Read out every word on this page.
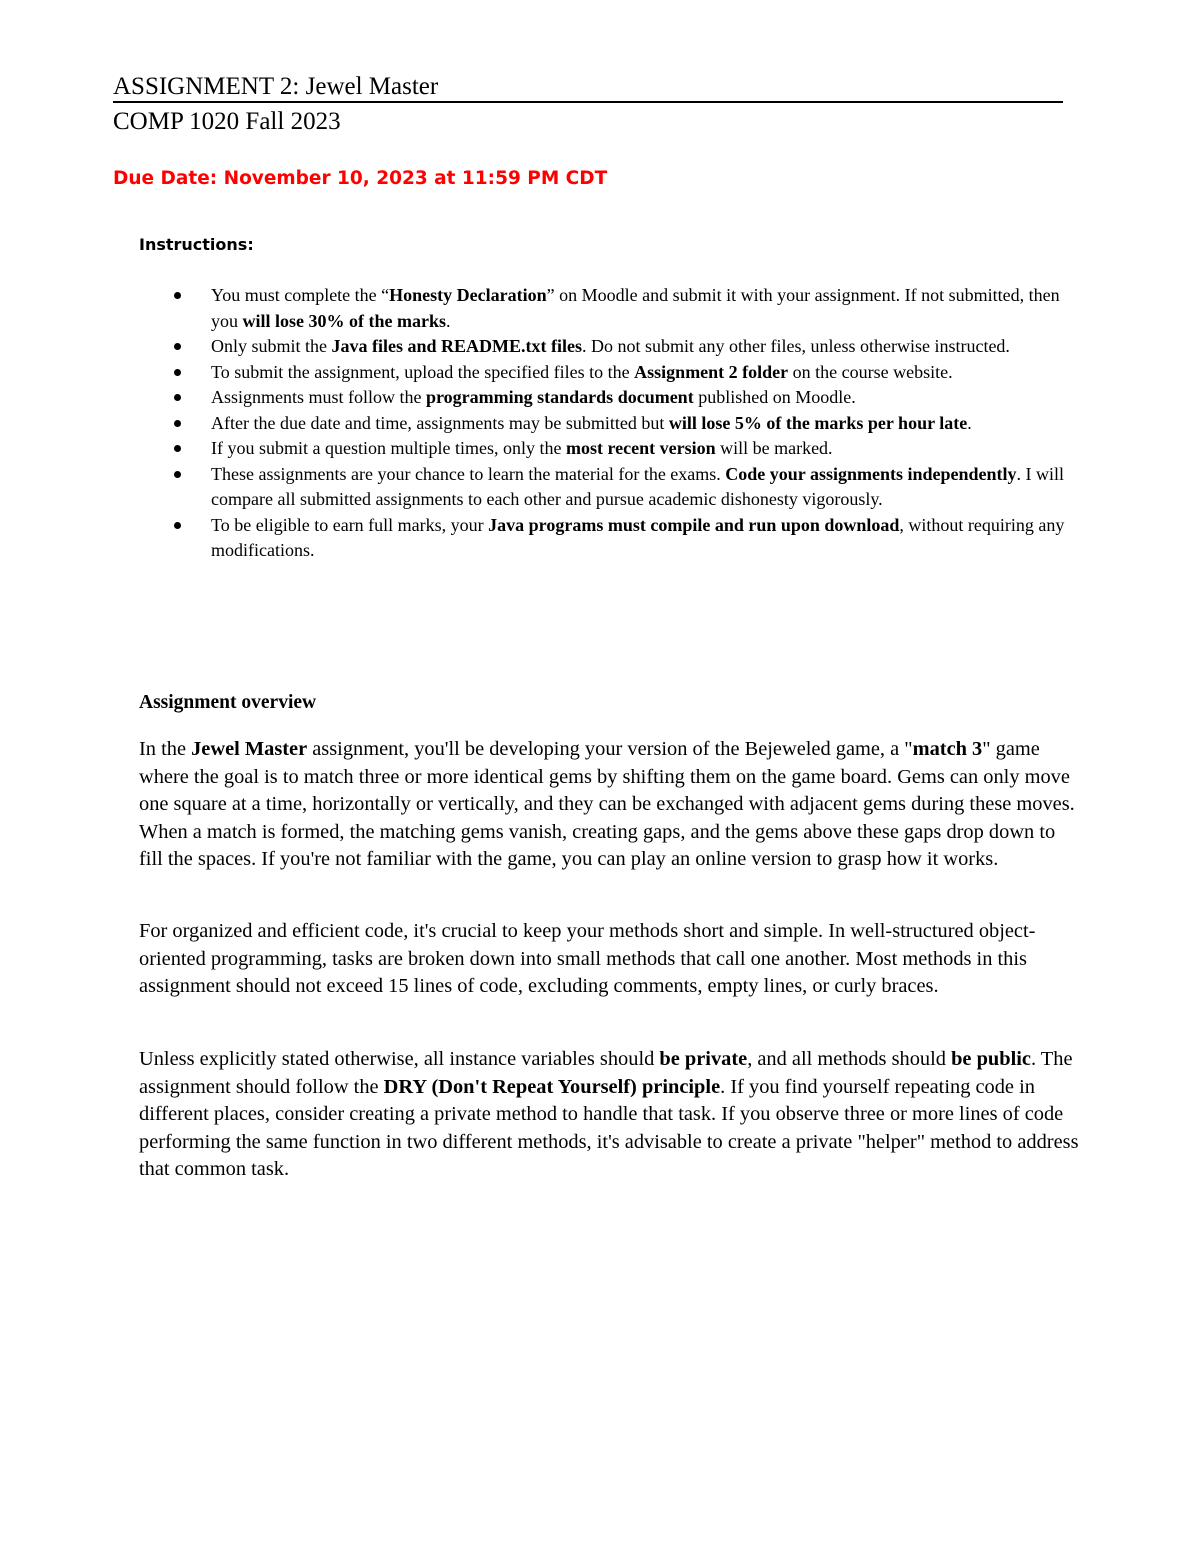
ASSIGNMENT 2: Jewel Master
COMP 1020 Fall 2023
Due Date: November 10, 2023 at 11:59 PM CDT
Instructions:
You must complete the “Honesty Declaration” on Moodle and submit it with your assignment. If not submitted, then you will lose 30% of the marks.
Only submit the Java files and README.txt files. Do not submit any other files, unless otherwise instructed.
To submit the assignment, upload the specified files to the Assignment 2 folder on the course website.
Assignments must follow the programming standards document published on Moodle.
After the due date and time, assignments may be submitted but will lose 5% of the marks per hour late.
If you submit a question multiple times, only the most recent version will be marked.
These assignments are your chance to learn the material for the exams. Code your assignments independently. I will compare all submitted assignments to each other and pursue academic dishonesty vigorously.
To be eligible to earn full marks, your Java programs must compile and run upon download, without requiring any modifications.
Assignment overview

In the Jewel Master assignment, you'll be developing your version of the Bejeweled game, a "match 3" game where the goal is to match three or more identical gems by shifting them on the game board. Gems can only move one square at a time, horizontally or vertically, and they can be exchanged with adjacent gems during these moves. When a match is formed, the matching gems vanish, creating gaps, and the gems above these gaps drop down to fill the spaces. If you're not familiar with the game, you can play an online version to grasp how it works.

For organized and efficient code, it's crucial to keep your methods short and simple. In well-structured object-oriented programming, tasks are broken down into small methods that call one another. Most methods in this assignment should not exceed 15 lines of code, excluding comments, empty lines, or curly braces.

Unless explicitly stated otherwise, all instance variables should be private, and all methods should be public. The assignment should follow the DRY (Don't Repeat Yourself) principle. If you find yourself repeating code in different places, consider creating a private method to handle that task. If you observe three or more lines of code performing the same function in two different methods, it's advisable to create a private "helper" method to address that common task.
